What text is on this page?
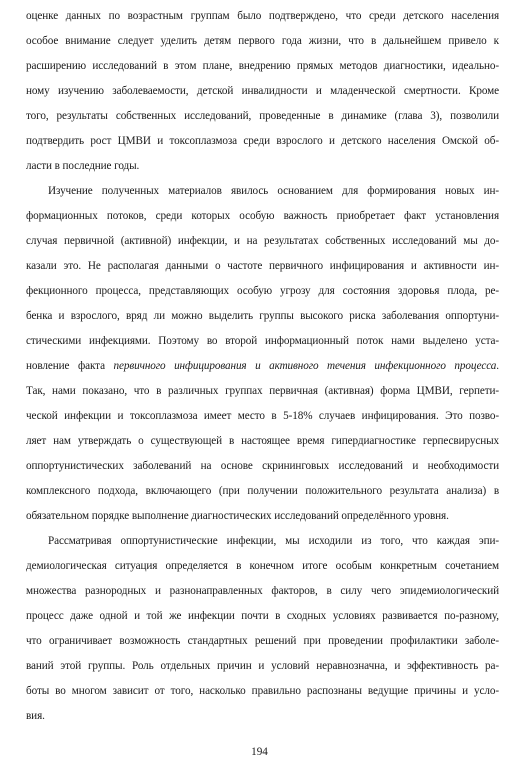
оценке данных по возрастным группам было подтверждено, что среди детского населения
особое внимание следует уделить детям первого года жизни, что в дальнейшем привело к
расширению исследований в этом плане, внедрению прямых методов диагностики, идеально-
ному изучению заболеваемости, детской инвалидности и младенческой смертности. Кроме
того, результаты собственных исследований, проведенные в динамике (глава 3), позволили
подтвердить рост ЦМВИ и токсоплазмоза среди взрослого и детского населения Омской об-
ласти в последние годы.
Изучение полученных материалов явилось основанием для формирования новых ин-
формационных потоков, среди которых особую важность приобретает факт установления
случая первичной (активной) инфекции, и на результатах собственных исследований мы до-
казали это. Не располагая данными о частоте первичного инфицирования и активности ин-
фекционного процесса, представляющих особую угрозу для состояния здоровья плода, ре-
бенка и взрослого, вряд ли можно выделить группы высокого риска заболевания оппортуни-
стическими инфекциями. Поэтому во второй информационный поток нами выделено уста-
новление факта первичного инфицирования и активного течения инфекционного процесса.
Так, нами показано, что в различных группах первичная (активная) форма ЦМВИ, герпети-
ческой инфекции и токсоплазмоза имеет место в 5-18% случаев инфицирования. Это позво-
ляет нам утверждать о существующей в настоящее время гипердиагностике герпесвирусных
оппортунистических заболеваний на основе скрининговых исследований и необходимости
комплексного подхода, включающего (при получении положительного результата анализа) в
обязательном порядке выполнение диагностических исследований определённого уровня.
Рассматривая оппортунистические инфекции, мы исходили из того, что каждая эпи-
демиологическая ситуация определяется в конечном итоге особым конкретным сочетанием
множества разнородных и разнонаправленных факторов, в силу чего эпидемиологический
процесс даже одной и той же инфекции почти в сходных условиях развивается по-разному,
что ограничивает возможность стандартных решений при проведении профилактики заболе-
ваний этой группы. Роль отдельных причин и условий неравнозначна, и эффективность ра-
боты во многом зависит от того, насколько правильно распознаны ведущие причины и усло-
вия.
194
